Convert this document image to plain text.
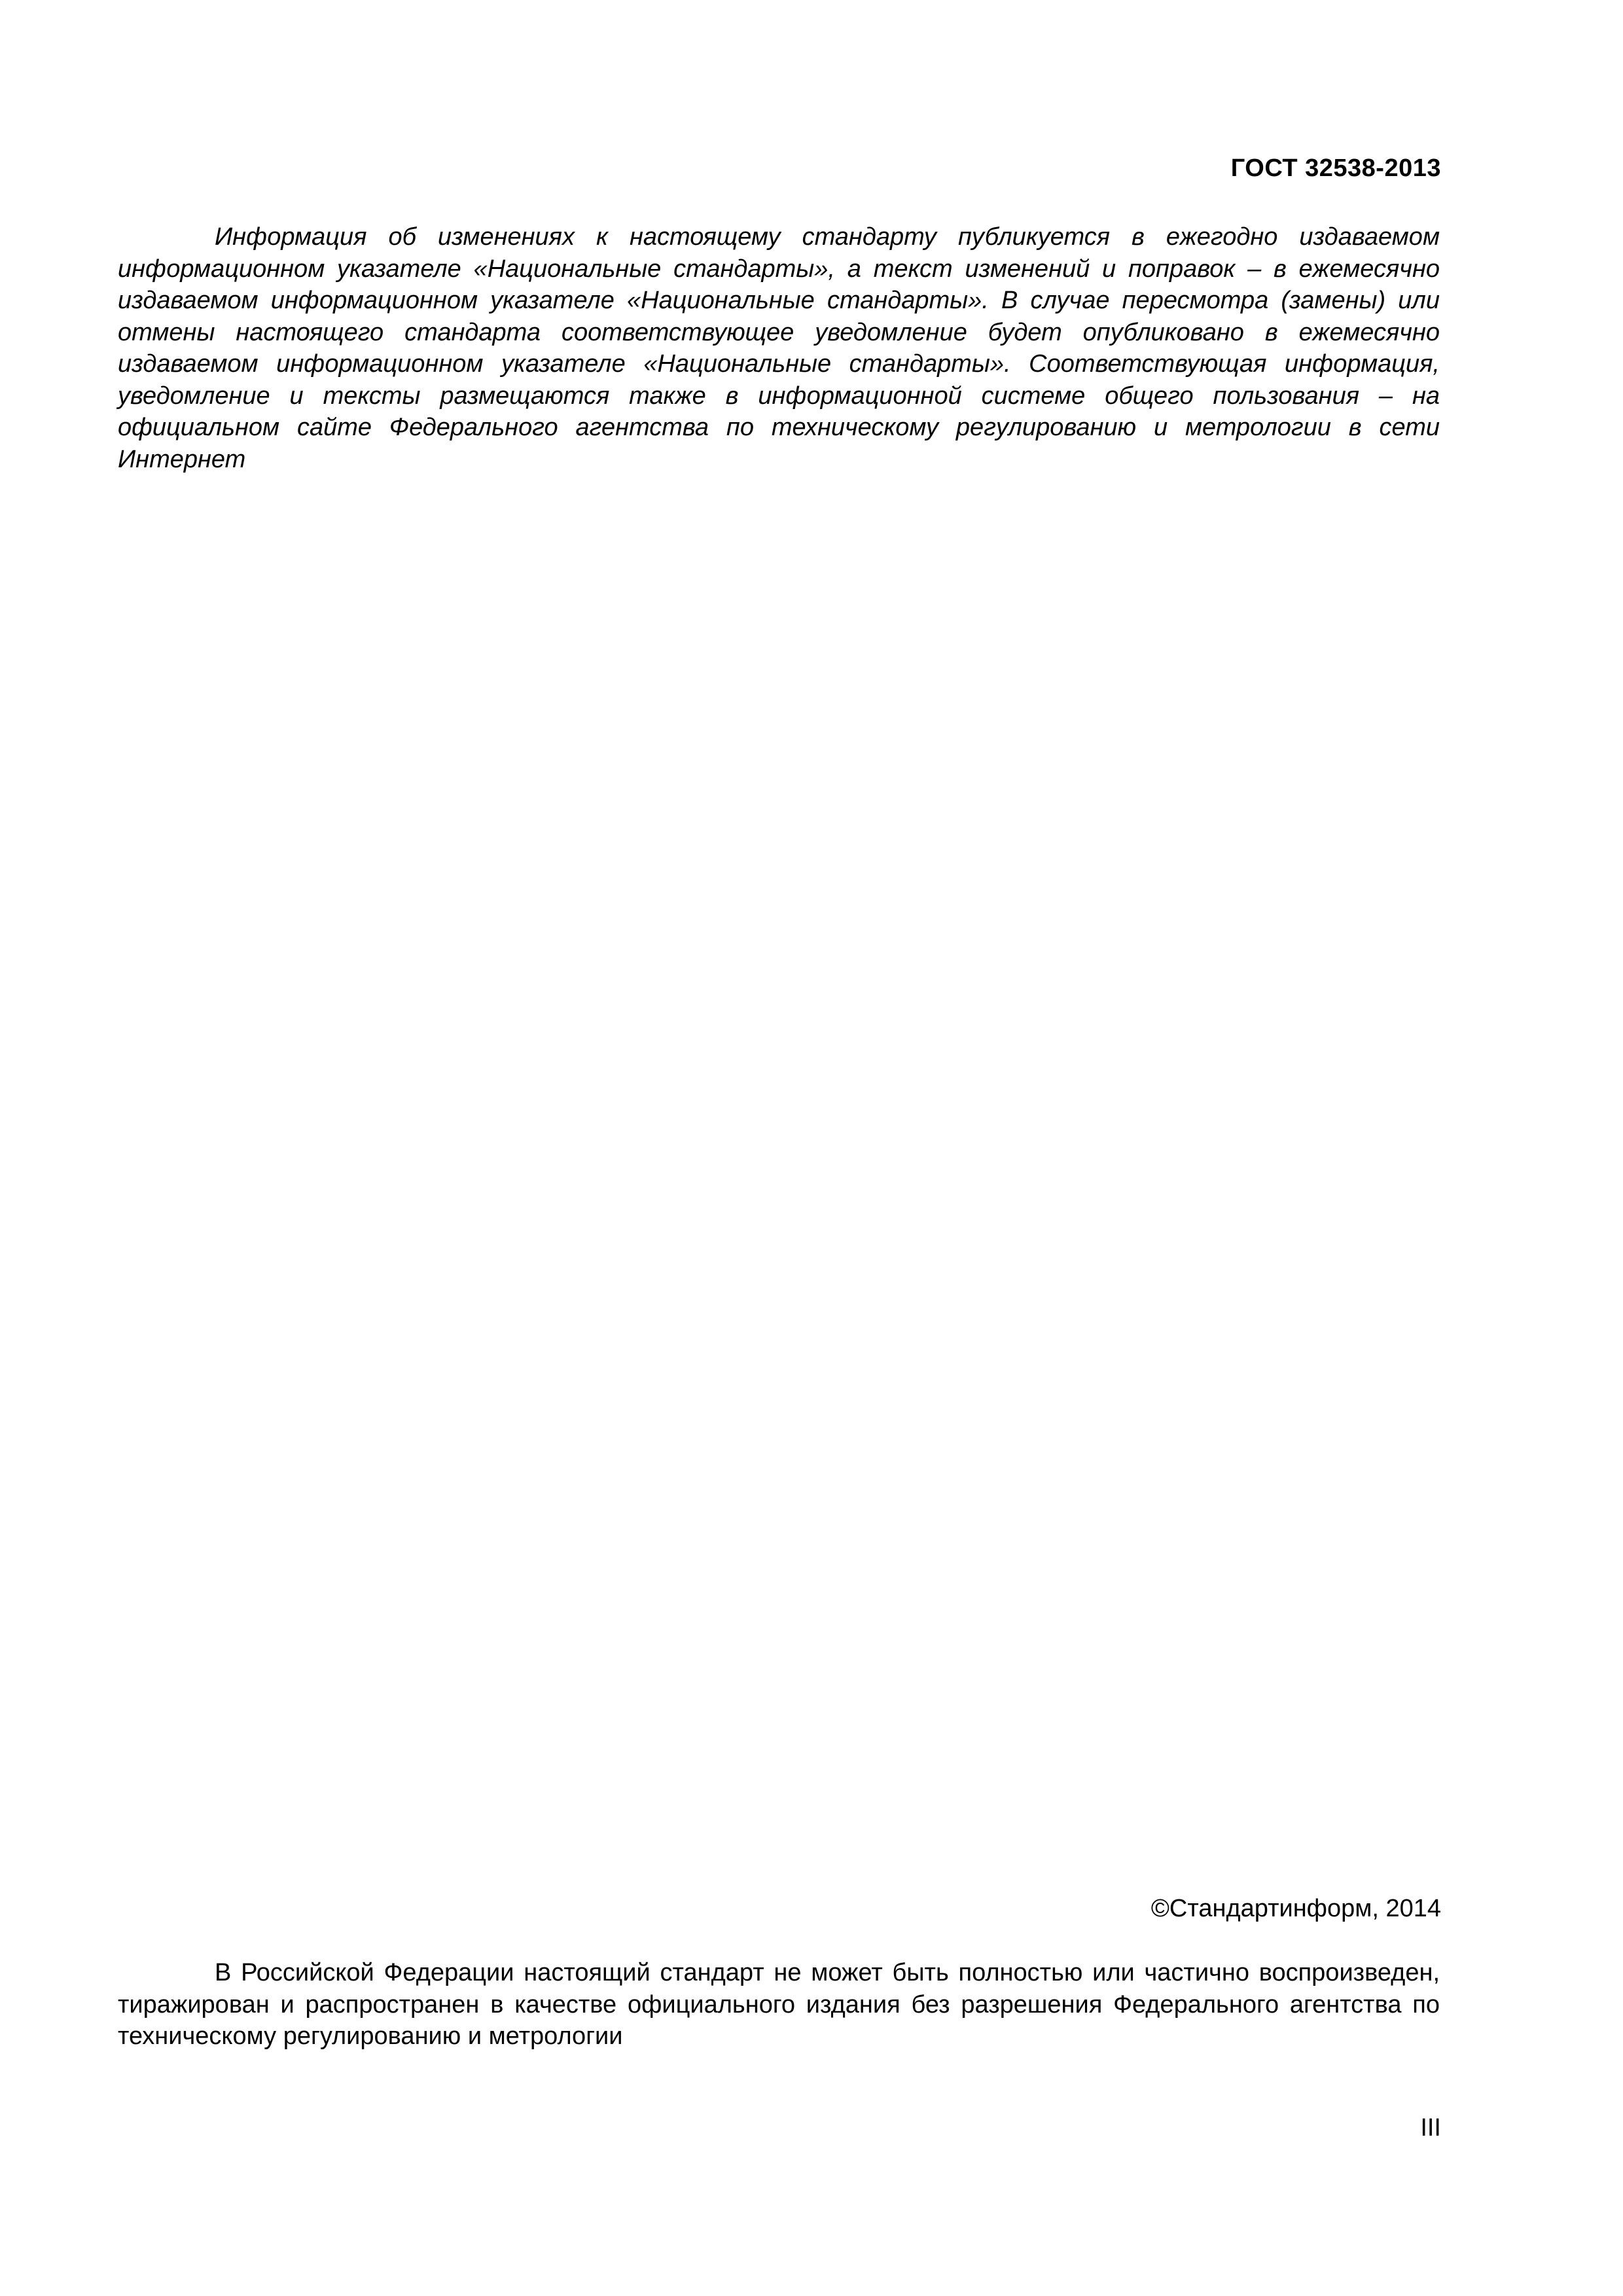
ГОСТ 32538-2013

Информация об изменениях к настоящему стандарту публикуется в ежегодно издаваемом информационном указателе «Национальные стандарты», а текст изменений и поправок – в ежемесячно издаваемом информационном указателе «Национальные стандарты». В случае пересмотра (замены) или отмены настоящего стандарта соответствующее уведомление будет опубликовано в ежемесячно издаваемом информационном указателе «Национальные стандарты». Соответствующая информация, уведомление и тексты размещаются также в информационной системе общего пользования – на официальном сайте Федерального агентства по техническому регулированию и метрологии в сети Интернет

©Стандартинформ, 2014

В Российской Федерации настоящий стандарт не может быть полностью или частично воспроизведен, тиражирован и распространен в качестве официального издания без разрешения Федерального агентства по техническому регулированию и метрологии

III
